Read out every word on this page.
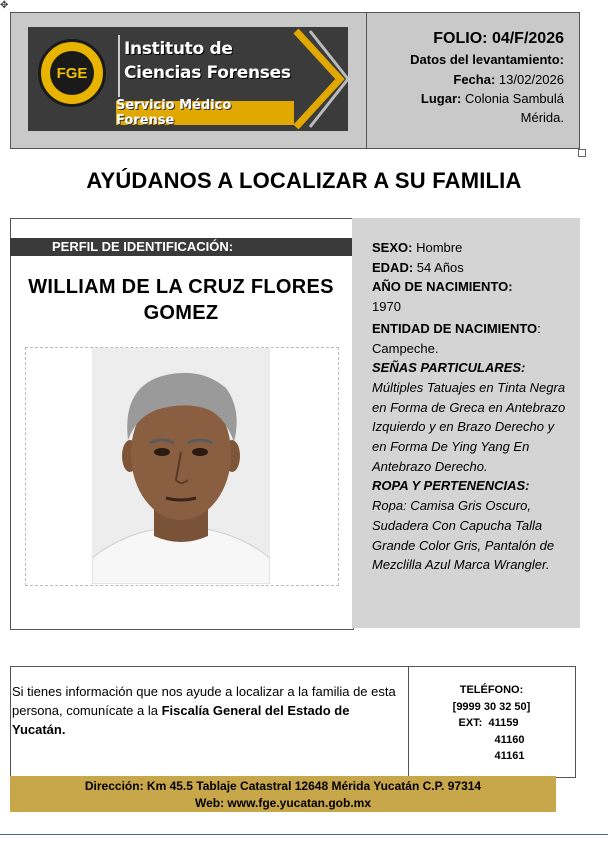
✥
FGE
Instituto de
Ciencias Forenses
Servicio Médico Forense
FOLIO: 04/F/2026
Datos del levantamiento:
Fecha: 13/02/2026
Lugar: Colonia Sambulá
Mérida.
AYÚDANOS A LOCALIZAR A SU FAMILIA
PERFIL DE IDENTIFICACIÓN:
WILLIAM DE LA CRUZ FLORES
GOMEZ
SEXO: Hombre
EDAD: 54 Años
AÑO DE NACIMIENTO:
1970
ENTIDAD DE NACIMIENTO:
Campeche.
SEÑAS PARTICULARES:
Múltiples Tatuajes en Tinta Negra en Forma de Greca en Antebrazo Izquierdo y en Brazo Derecho y en Forma De Ying Yang En Antebrazo Derecho.
ROPA Y PERTENENCIAS:
Ropa: Camisa Gris Oscuro, Sudadera Con Capucha Talla Grande Color Gris, Pantalón de Mezclilla Azul Marca Wrangler.
Si tienes información que nos ayude a localizar a la familia de esta persona, comunícate a la Fiscalía General del Estado de Yucatán.
TELÉFONO:
[9999 30 32 50]
EXT: 41159
41160
41161
Dirección: Km 45.5 Tablaje Catastral 12648 Mérida Yucatán C.P. 97314
Web: www.fge.yucatan.gob.mx
